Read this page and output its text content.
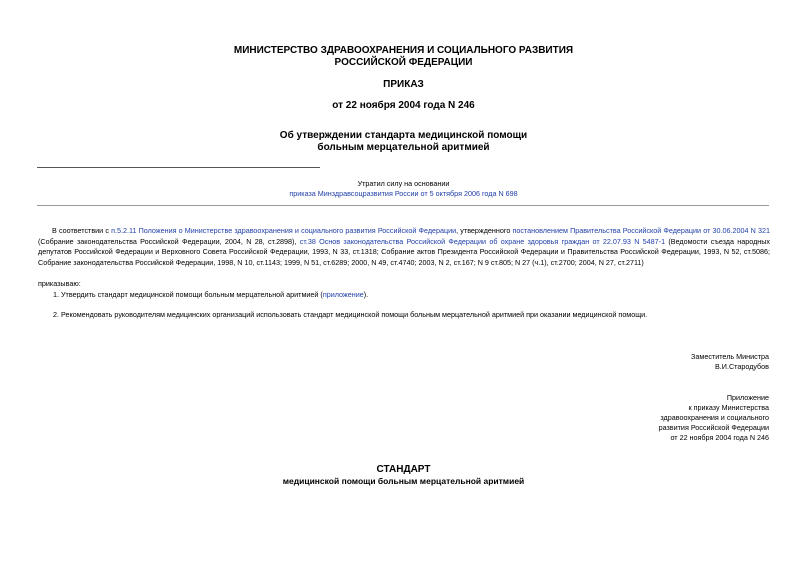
МИНИСТЕРСТВО ЗДРАВООХРАНЕНИЯ И СОЦИАЛЬНОГО РАЗВИТИЯ
РОССИЙСКОЙ ФЕДЕРАЦИИ
ПРИКАЗ
от 22 ноября 2004 года N 246
Об утверждении стандарта медицинской помощи
больным мерцательной аритмией
Утратил силу на основании
приказа Минздравсоцразвития России от 5 октября 2006 года N 698
В соответствии с п.5.2.11 Положения о Министерстве здравоохранения и социального развития Российской Федерации, утвержденного постановлением Правительства Российской Федерации от 30.06.2004 N 321 (Собрание законодательства Российской Федерации, 2004, N 28, ст.2898), ст.38 Основ законодательства Российской Федерации об охране здоровья граждан от 22.07.93 N 5487-1 (Ведомости съезда народных депутатов Российской Федерации и Верховного Совета Российской Федерации, 1993, N 33, ст.1318; Собрание актов Президента Российской Федерации и Правительства Российской Федерации, 1993, N 52, ст.5086; Собрание законодательства Российской Федерации, 1998, N 10, ст.1143; 1999, N 51, ст.6289; 2000, N 49, ст.4740; 2003, N 2, ст.167; N 9 ст.805; N 27 (ч.1), ст.2700; 2004, N 27, ст.2711)
приказываю:
1. Утвердить стандарт медицинской помощи больным мерцательной аритмией (приложение).
2. Рекомендовать руководителям медицинских организаций использовать стандарт медицинской помощи больным мерцательной аритмией при оказании медицинской помощи.
Заместитель Министра
В.И.Стародубов
Приложение
к приказу Министерства
здравоохранения и социального
развития Российской Федерации
от 22 ноября 2004 года N 246
СТАНДАРТ
медицинской помощи больным мерцательной аритмией
